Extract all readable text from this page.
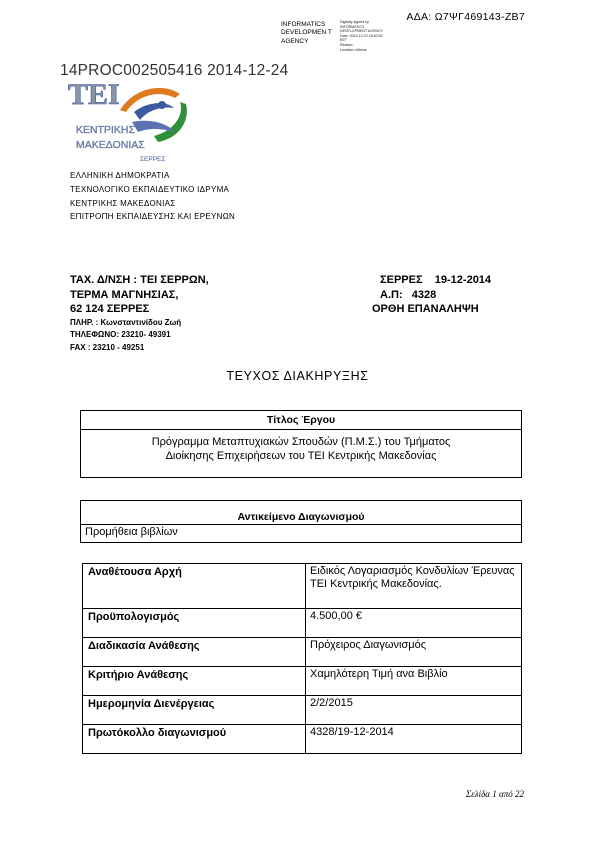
ΑΔΑ: Ω7ΨΓ469143-ΖΒ7
INFORMATICS DEVELOPMEN T AGENCY
Digitally signed by
INFORMATICS
DEVELOPMENT AGENCY
Date: 2014.12.23 18:40:50
EET
Reason:
Location: Athens
14PROC002505416 2014-12-24
ΤΕΙ
ΚΕΝΤΡΙΚΗΣ
ΜΑΚΕΔΟΝΙΑΣ
ΣΕΡΡΕΣ
ΕΛΛΗΝΙΚΗ ΔΗΜΟΚΡΑΤΙΑ
ΤΕΧΝΟΛΟΓΙΚΟ ΕΚΠΑΙΔΕΥΤΙΚΟ ΙΔΡΥΜΑ
ΚΕΝΤΡΙΚΗΣ ΜΑΚΕΔΟΝΙΑΣ
ΕΠΙΤΡΟΠΗ ΕΚΠΑΙΔΕΥΣΗΣ ΚΑΙ ΕΡΕΥΝΩΝ
ΤΑΧ. Δ/ΝΣΗ : ΤΕΙ ΣΕΡΡΩΝ,
ΤΕΡΜΑ ΜΑΓΝΗΣΙΑΣ,
62 124 ΣΕΡΡΕΣ
ΠΛΗΡ. : Κωνσταντινίδου Ζωή
ΤΗΛΕΦΩΝΟ: 23210- 49391
FAX : 23210 - 49251
ΣΕΡΡΕΣ    19-12-2014
Α.Π:   4328
ΟΡΘΗ ΕΠΑΝΑΛΗΨΗ
ΤΕΥΧΟΣ ΔΙΑΚΗΡΥΞΗΣ
Τίτλος Έργου

Πρόγραμμα Μεταπτυχιακών Σπουδών (Π.Μ.Σ.) του Τμήματος
Διοίκησης Επιχειρήσεων του ΤΕΙ Κεντρικής Μακεδονίας
Αντικείμενο Διαγωνισμού
Προμήθεια βιβλίων
Αναθέτουσα Αρχή	Ειδικός Λογαριασμός Κονδυλίων Έρευνας ΤΕΙ Κεντρικής Μακεδονίας.
Προϋπολογισμός	4.500,00 €
Διαδικασία Ανάθεσης	Πρόχειρος Διαγωνισμός
Κριτήριο Ανάθεσης	Χαμηλότερη Τιμή ανα Βιβλίο
Ημερομηνία Διενέργειας	2/2/2015
Πρωτόκολλο διαγωνισμού	4328/19-12-2014
Σελίδα 1 από 22
